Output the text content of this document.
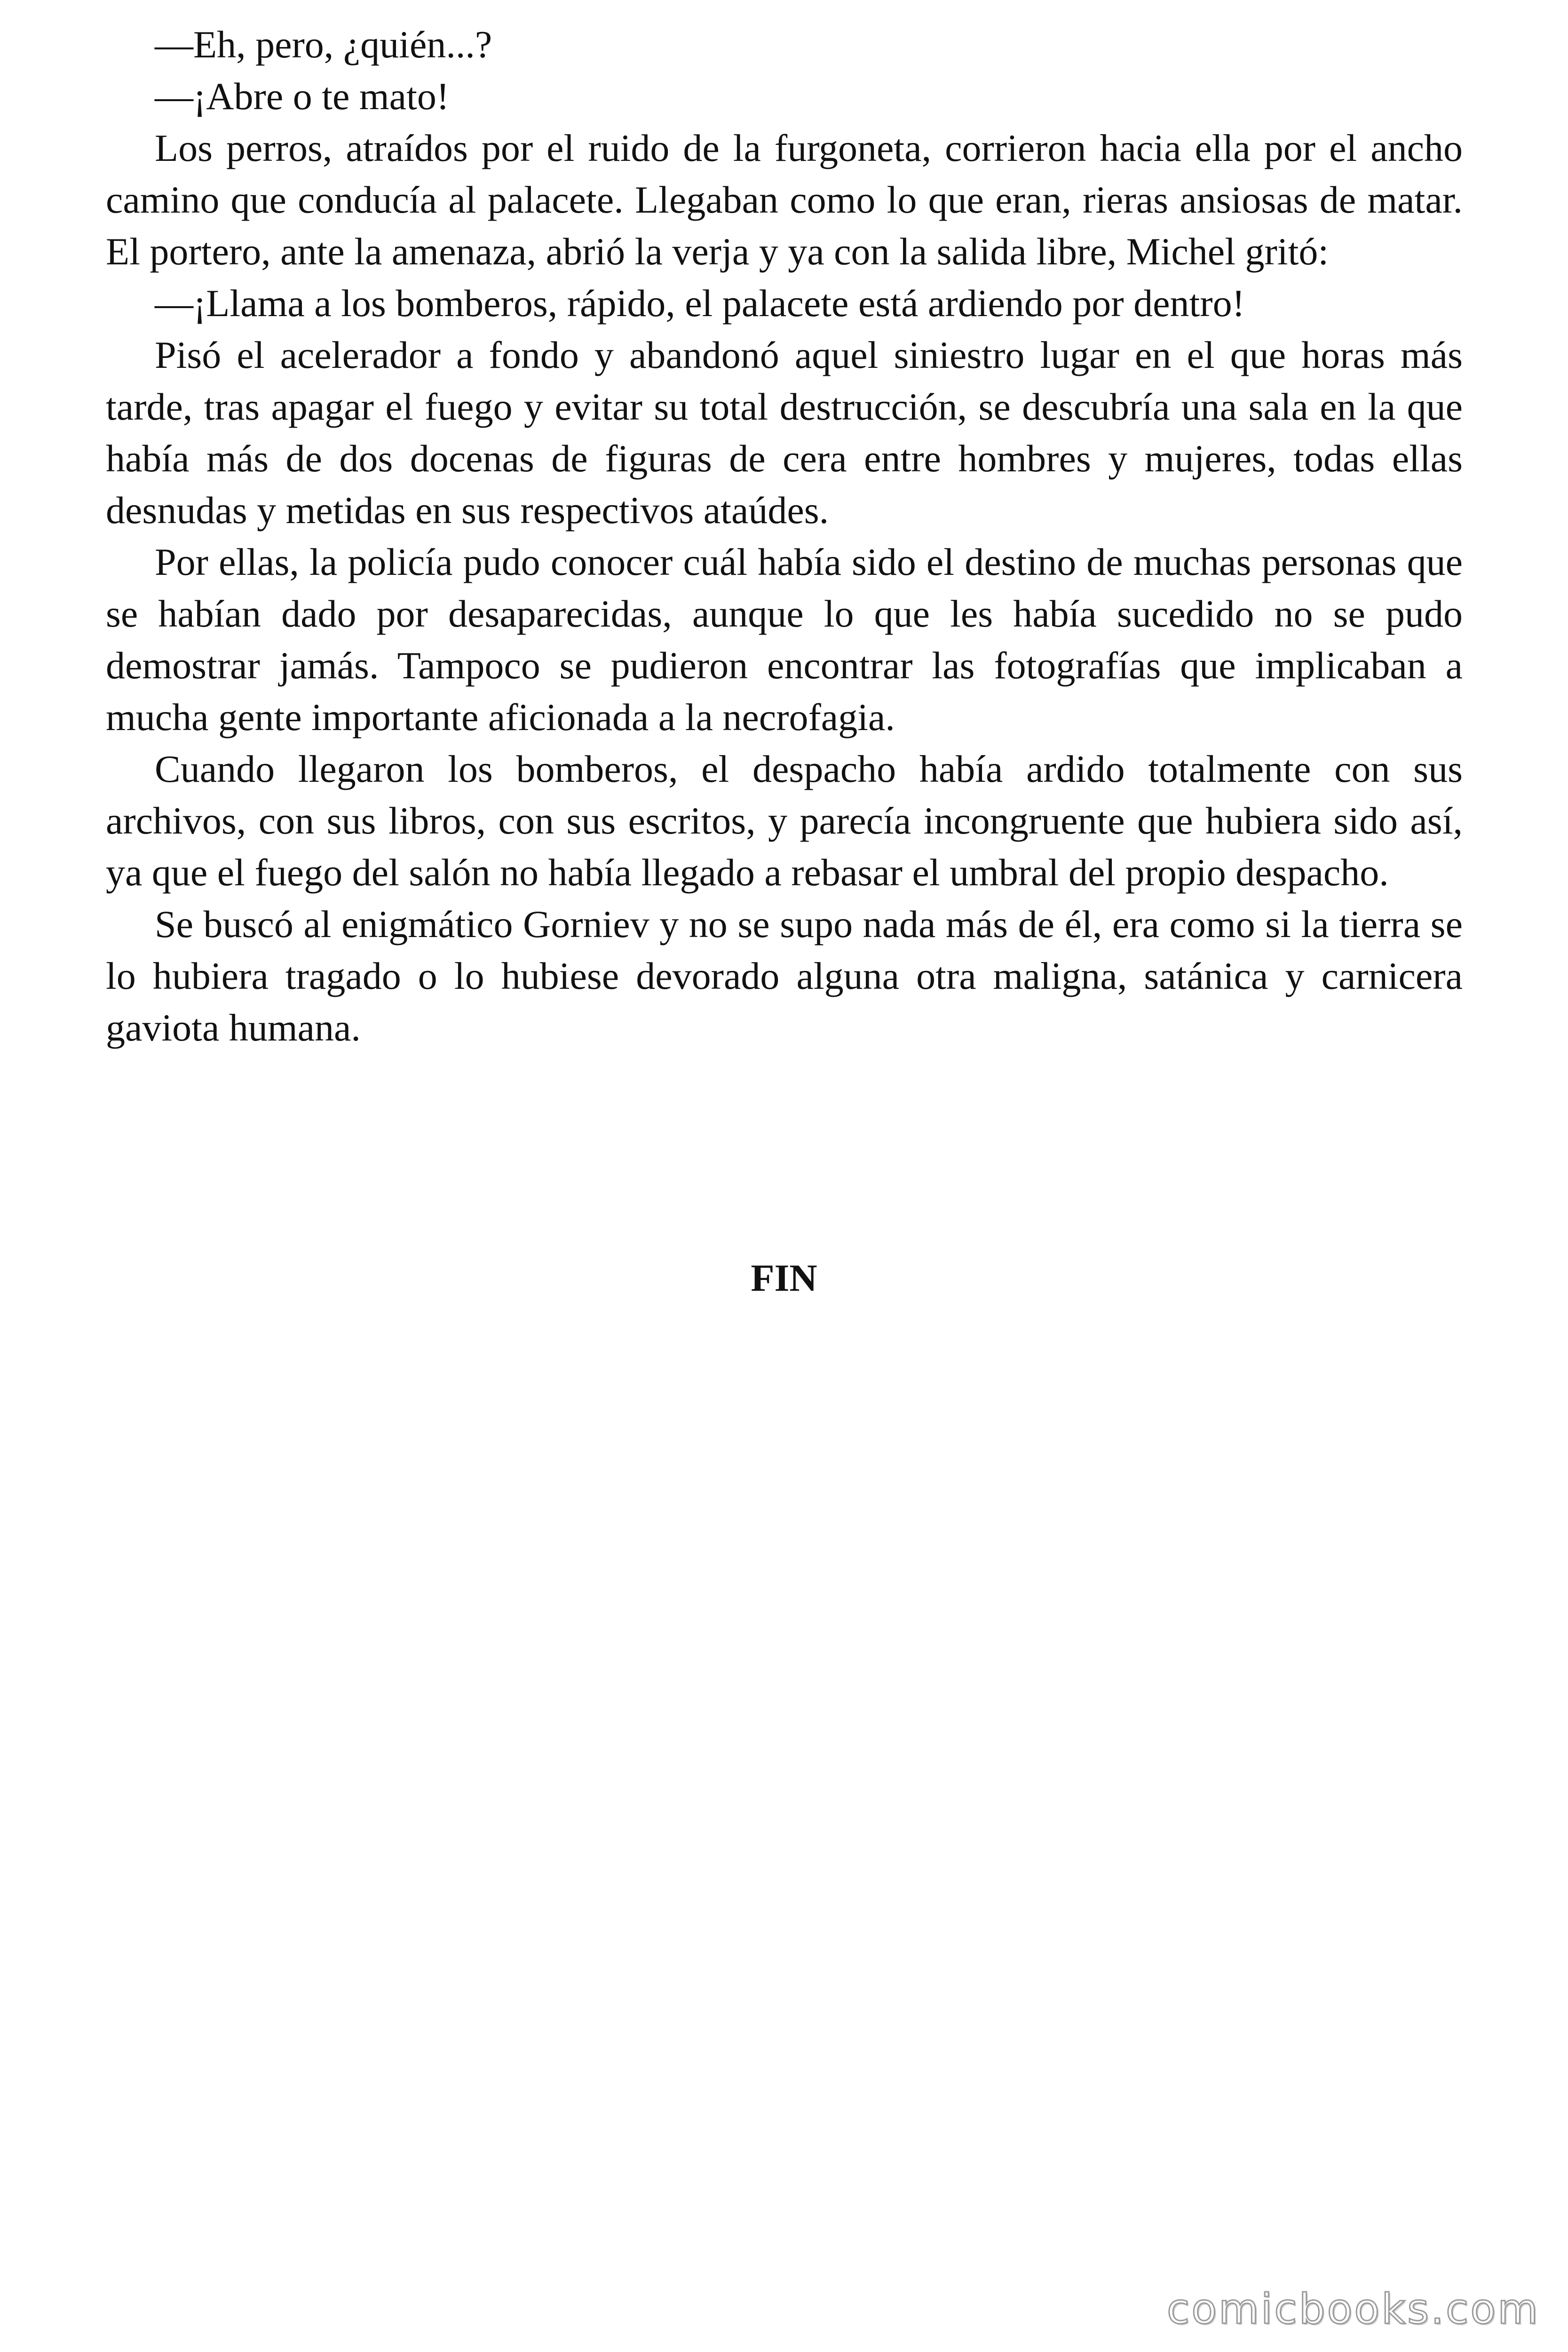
—Eh, pero, ¿quién...?

—¡Abre o te mato!

Los perros, atraídos por el ruido de la furgoneta, corrieron hacia ella por el ancho camino que conducía al palacete. Llegaban como lo que eran, rieras ansiosas de matar. El portero, ante la amenaza, abrió la verja y ya con la salida libre, Michel gritó:

—¡Llama a los bomberos, rápido, el palacete está ardiendo por dentro!

Pisó el acelerador a fondo y abandonó aquel siniestro lugar en el que horas más tarde, tras apagar el fuego y evitar su total destrucción, se descubría una sala en la que había más de dos docenas de figuras de cera entre hombres y mujeres, todas ellas desnudas y metidas en sus respectivos ataúdes.

Por ellas, la policía pudo conocer cuál había sido el destino de muchas personas que se habían dado por desaparecidas, aunque lo que les había sucedido no se pudo demostrar jamás. Tampoco se pudieron encontrar las fotografías que implicaban a mucha gente importante aficionada a la necrofagia.

Cuando llegaron los bomberos, el despacho había ardido totalmente con sus archivos, con sus libros, con sus escritos, y parecía incongruente que hubiera sido así, ya que el fuego del salón no había llegado a rebasar el umbral del propio despacho.

Se buscó al enigmático Gorniev y no se supo nada más de él, era como si la tierra se lo hubiera tragado o lo hubiese devorado alguna otra maligna, satánica y carnicera gaviota humana.

FIN
comicbooks.com
